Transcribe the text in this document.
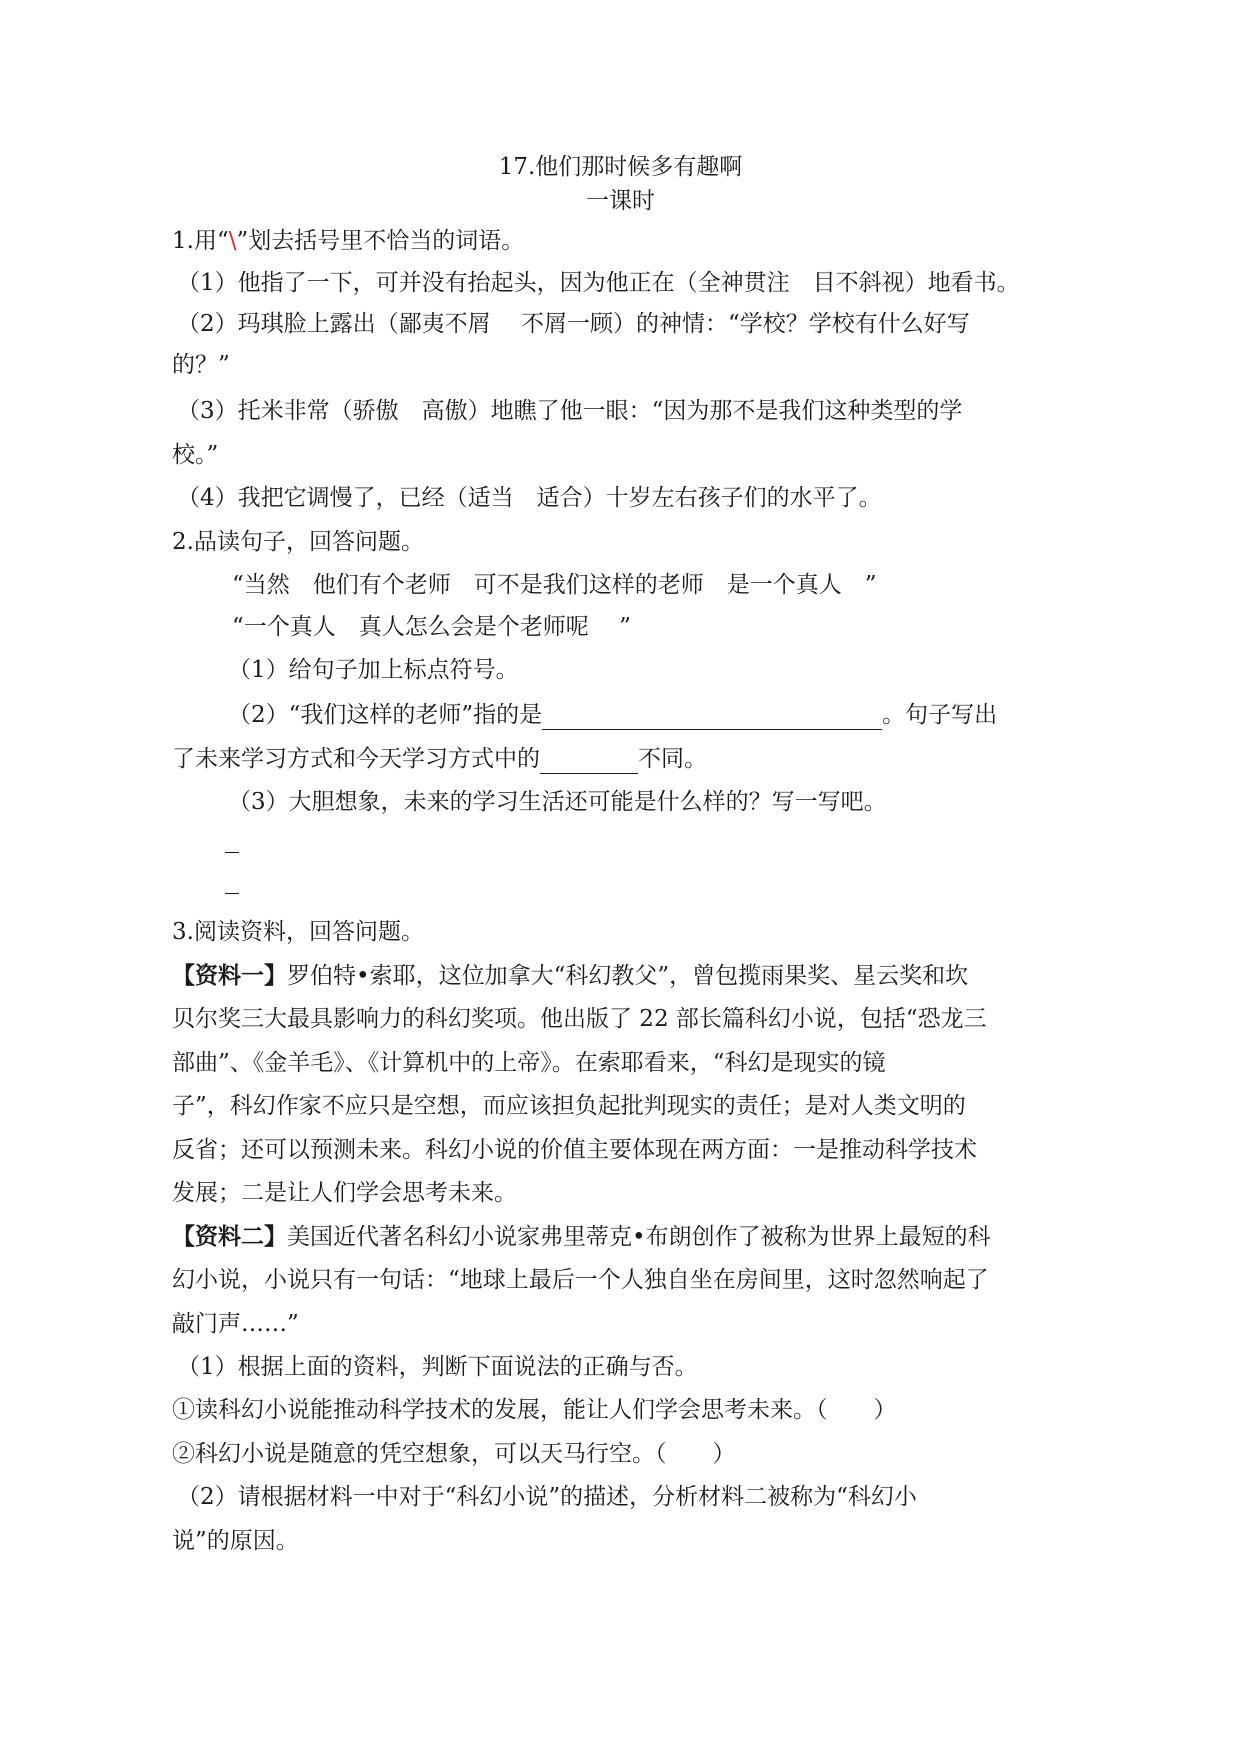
17.他们那时候多有趣啊
一课时
1.用“\”划去括号里不恰当的词语。
（1）他指了一下，可并没有抬起头，因为他正在（全神贯注　目不斜视）地看书。
（2）玛琪脸上露出（鄙夷不屑　 不屑一顾）的神情：“学校？学校有什么好写
的？”
（3）托米非常（骄傲　高傲）地瞧了他一眼：“因为那不是我们这种类型的学
校。”
（4）我把它调慢了，已经（适当　适合）十岁左右孩子们的水平了。
2.品读句子，回答问题。
“当然　他们有个老师　可不是我们这样的老师　是一个真人　”
“一个真人　真人怎么会是个老师呢　 ”
（1）给句子加上标点符号。
（2）“我们这样的老师”指的是	。句子写出
了未来学习方式和今天学习方式中的	不同。
（3）大胆想象，未来的学习生活还可能是什么样的？写一写吧。
3.阅读资料，回答问题。
【资料一】罗伯特•索耶，这位加拿大“科幻教父”，曾包揽雨果奖、星云奖和坎
贝尔奖三大最具影响力的科幻奖项。他出版了 22 部长篇科幻小说，包括“恐龙三
部曲”、《金羊毛》、《计算机中的上帝》。在索耶看来，“科幻是现实的镜
子”，科幻作家不应只是空想，而应该担负起批判现实的责任；是对人类文明的
反省；还可以预测未来。科幻小说的价值主要体现在两方面：一是推动科学技术
发展；二是让人们学会思考未来。
【资料二】美国近代著名科幻小说家弗里蒂克•布朗创作了被称为世界上最短的科
幻小说，小说只有一句话：“地球上最后一个人独自坐在房间里，这时忽然响起了
敲门声……”
（1）根据上面的资料，判断下面说法的正确与否。
①读科幻小说能推动科学技术的发展，能让人们学会思考未来。（　　）
②科幻小说是随意的凭空想象，可以天马行空。（　　）
（2）请根据材料一中对于“科幻小说”的描述，分析材料二被称为“科幻小
说”的原因。
